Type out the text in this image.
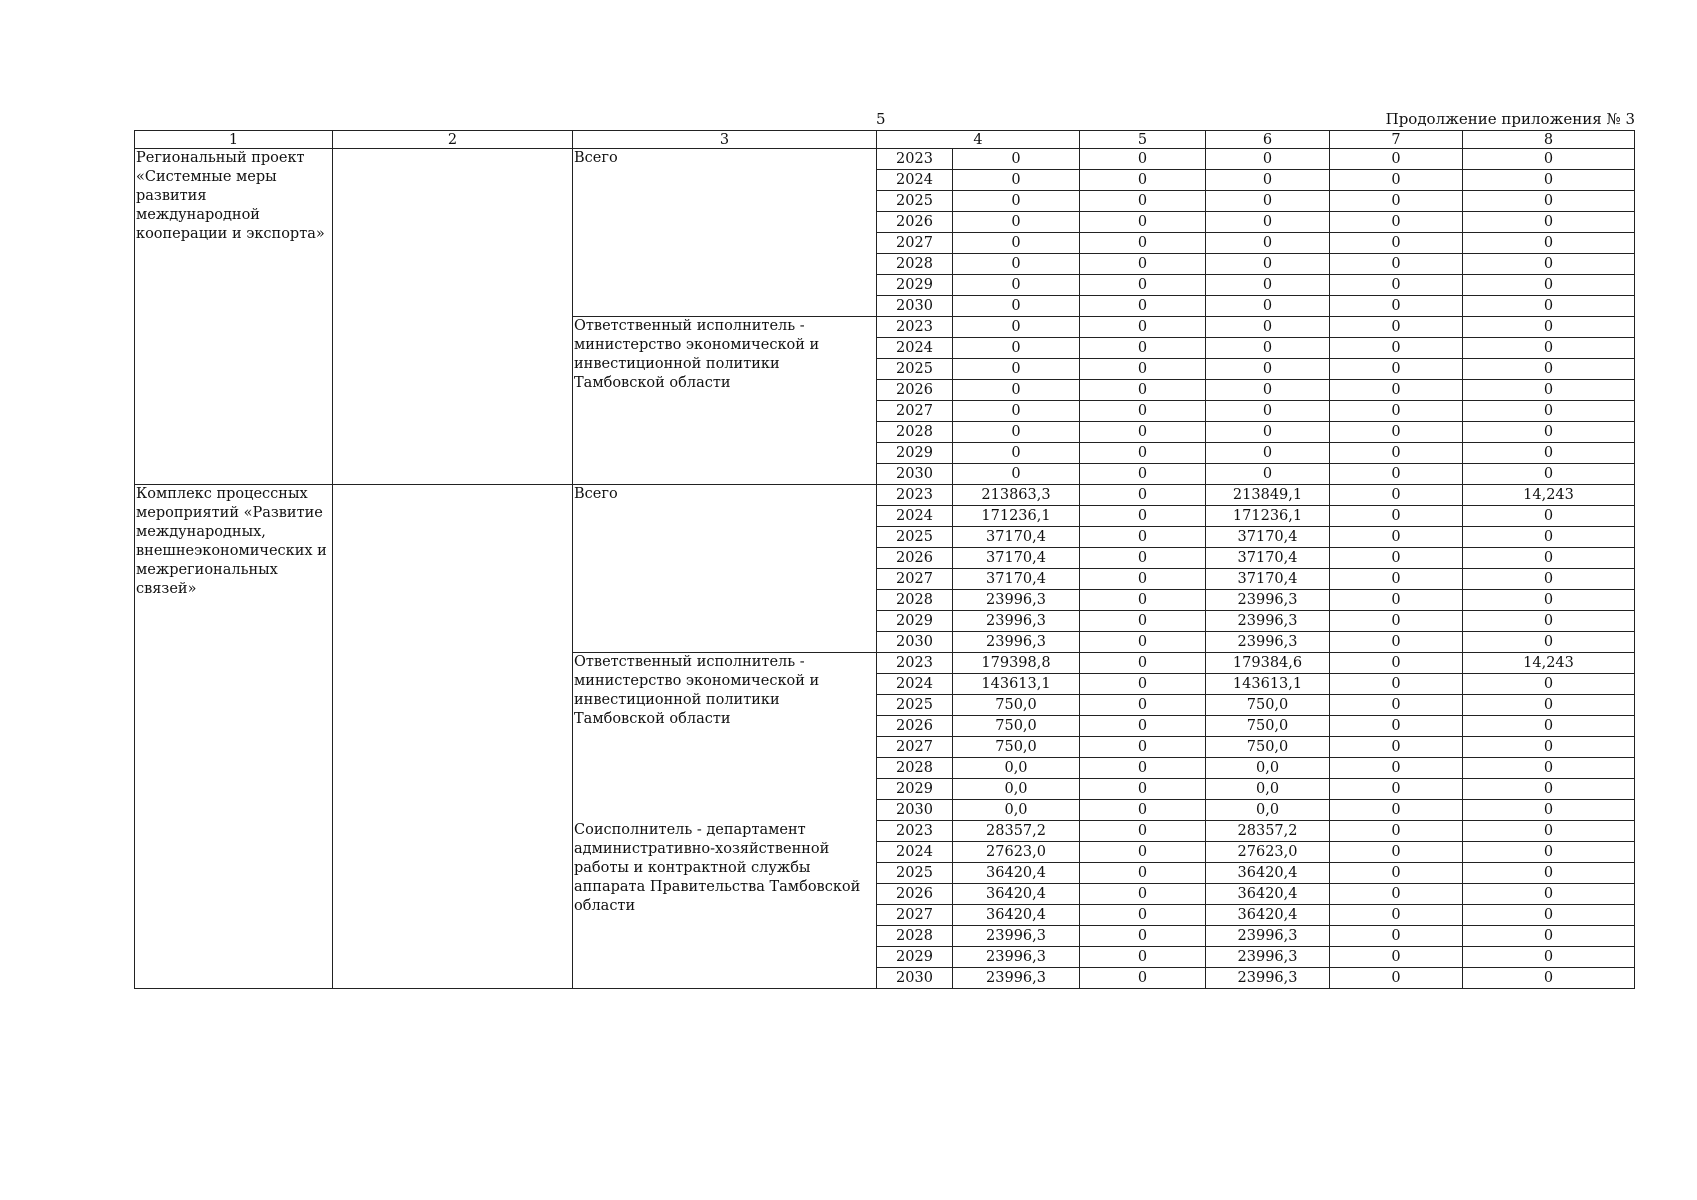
5	Продолжение приложения № 3
1	2	3	4		5	6	7	8
Региональный проект «Системные меры развития международной кооперации и экспорта»		Всего	2023	0	0	0	0	0
			2024	0	0	0	0	0
			2025	0	0	0	0	0
			2026	0	0	0	0	0
			2027	0	0	0	0	0
			2028	0	0	0	0	0
			2029	0	0	0	0	0
			2030	0	0	0	0	0
		Ответственный исполнитель - министерство экономической и инвестиционной политики Тамбовской области	2023	0	0	0	0	0
			2024	0	0	0	0	0
			2025	0	0	0	0	0
			2026	0	0	0	0	0
			2027	0	0	0	0	0
			2028	0	0	0	0	0
			2029	0	0	0	0	0
			2030	0	0	0	0	0
Комплекс процессных мероприятий «Развитие международных, внешнеэкономических и межрегиональных связей»		Всего	2023	213863,3	0	213849,1	0	14,243
			2024	171236,1	0	171236,1	0	0
			2025	37170,4	0	37170,4	0	0
			2026	37170,4	0	37170,4	0	0
			2027	37170,4	0	37170,4	0	0
			2028	23996,3	0	23996,3	0	0
			2029	23996,3	0	23996,3	0	0
			2030	23996,3	0	23996,3	0	0
		Ответственный исполнитель - министерство экономической и инвестиционной политики Тамбовской области	2023	179398,8	0	179384,6	0	14,243
			2024	143613,1	0	143613,1	0	0
			2025	750,0	0	750,0	0	0
			2026	750,0	0	750,0	0	0
			2027	750,0	0	750,0	0	0
			2028	0,0	0	0,0	0	0
			2029	0,0	0	0,0	0	0
			2030	0,0	0	0,0	0	0
		Соисполнитель - департамент административно-хозяйственной работы и контрактной службы аппарата Правительства Тамбовской области	2023	28357,2	0	28357,2	0	0
			2024	27623,0	0	27623,0	0	0
			2025	36420,4	0	36420,4	0	0
			2026	36420,4	0	36420,4	0	0
			2027	36420,4	0	36420,4	0	0
			2028	23996,3	0	23996,3	0	0
			2029	23996,3	0	23996,3	0	0
			2030	23996,3	0	23996,3	0	0
